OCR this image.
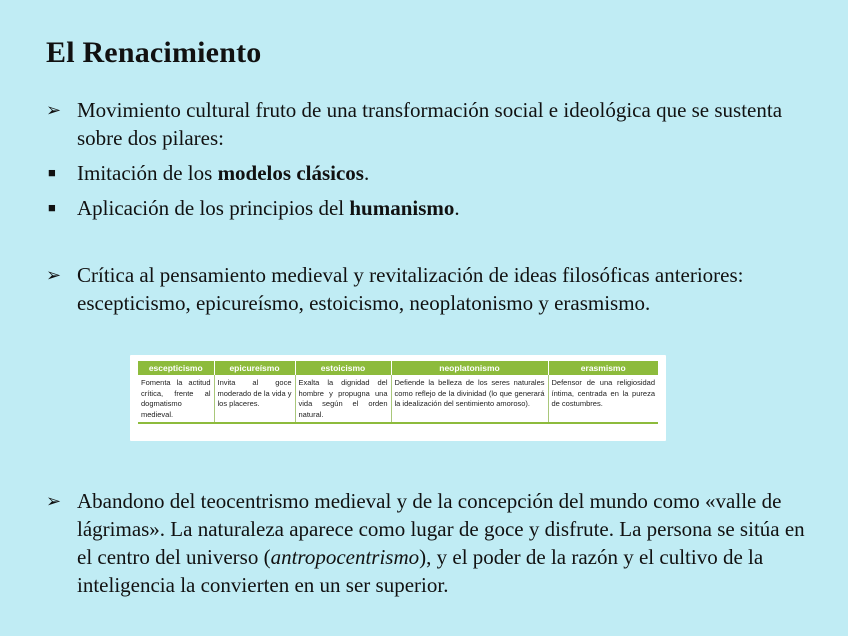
El Renacimiento
➢ Movimiento cultural fruto de una transformación social e ideológica que se sustenta sobre dos pilares:
■	Imitación de los modelos clásicos.
■	Aplicación de los principios del humanismo.
➢ Crítica al pensamiento medieval y revitalización de ideas filosóficas anteriores: escepticismo, epicureísmo, estoicismo, neoplatonismo y erasmismo.
escepticismo	epicureísmo	estoicismo	neoplatonismo	erasmismo
Fomenta la actitud crítica, frente al dogmatismo medieval.	Invita al goce moderado de la vida y los placeres.	Exalta la dignidad del hombre y propugna una vida según el orden natural.	Defiende la belleza de los seres naturales como reflejo de la divinidad (lo que generará la idealización del sentimiento amoroso).	Defensor de una religiosidad íntima, centrada en la pureza de costumbres.
➢ Abandono del teocentrismo medieval y de la concepción del mundo como «valle de lágrimas». La naturaleza aparece como lugar de goce y disfrute. La persona se sitúa en el centro del universo (antropocentrismo), y el poder de la razón y el cultivo de la inteligencia la convierten en un ser superior.
